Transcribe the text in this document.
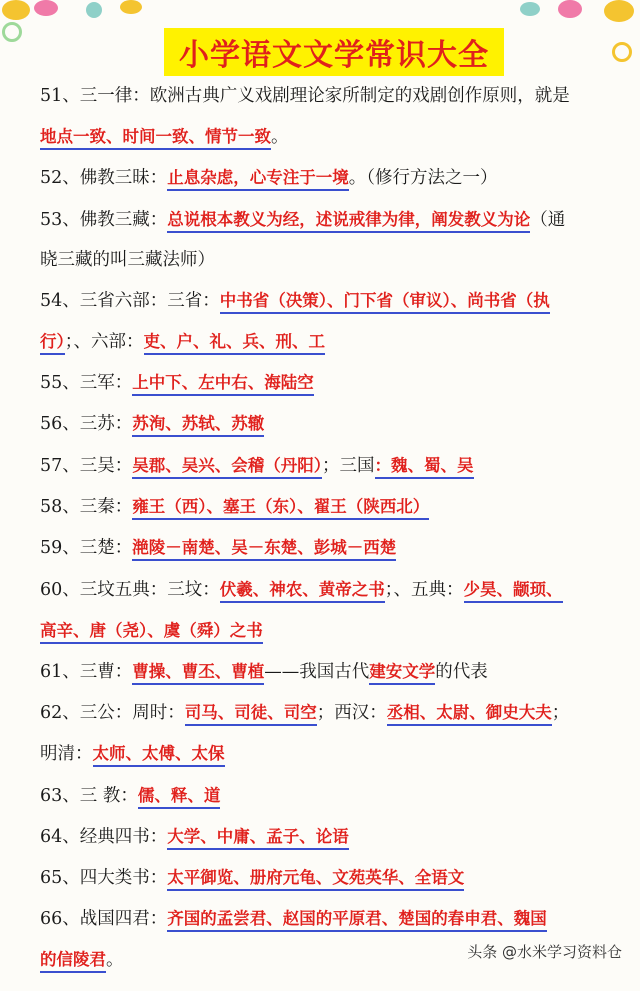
小学语文文学常识大全
51、三一律：欧洲古典广义戏剧理论家所制定的戏剧创作原则，就是
地点一致、时间一致、情节一致。
52、佛教三昧：止息杂虑，心专注于一境。（修行方法之一）
53、佛教三藏：总说根本教义为经，述说戒律为律，阐发教义为论（通
晓三藏的叫三藏法师）
54、三省六部：三省：中书省（决策）、门下省（审议）、尚书省（执
行）；、六部：吏、户、礼、兵、刑、工
55、三军：上中下、左中右、海陆空
56、三苏：苏洵、苏轼、苏辙
57、三吴：吴郡、吴兴、会稽（丹阳）；三国：魏、蜀、吴
58、三秦：雍王（西）、塞王（东）、翟王（陕西北）
59、三楚：滟陵－南楚、吴－东楚、彭城－西楚
60、三坟五典：三坟：伏羲、神农、黄帝之书；、五典：少昊、颛顼、
高辛、唐（尧）、虞（舜）之书
61、三曹：曹操、曹丕、曹植——我国古代建安文学的代表
62、三公：周时：司马、司徒、司空；西汉：丞相、太尉、御史大夫；
明清：太师、太傅、太保
63、三 教：儒、释、道
64、经典四书：大学、中庸、孟子、论语
65、四大类书：太平御览、册府元龟、文苑英华、全语文
66、战国四君：齐国的孟尝君、赵国的平原君、楚国的春申君、魏国
的信陵君。	头条 @水米学习资料仓
